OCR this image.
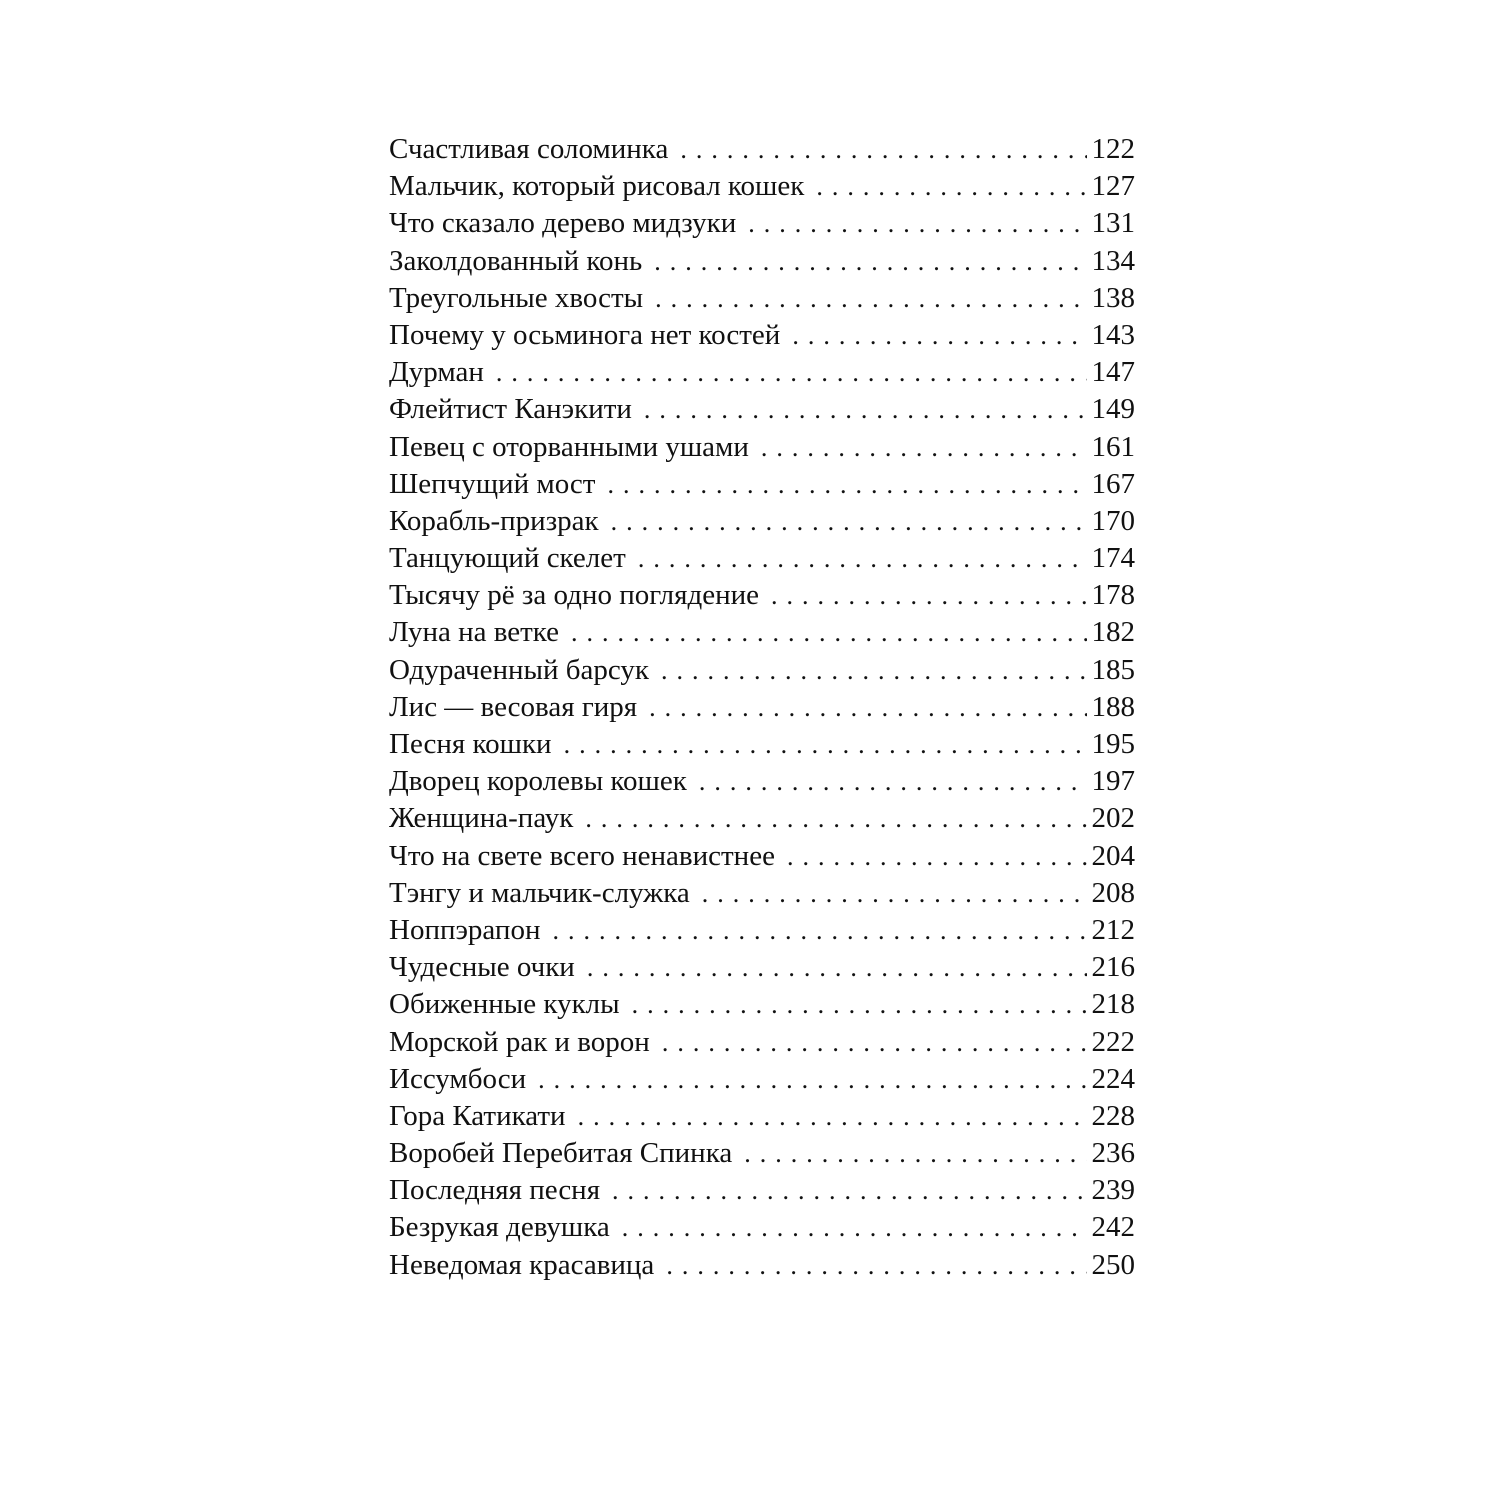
Счастливая соломинка .....	122
Мальчик, который рисовал кошек .....	127
Что сказало дерево мидзуки .....	131
Заколдованный конь .....	134
Треугольные хвосты .....	138
Почему у осьминога нет костей .....	143
Дурман .....	147
Флейтист Канэкити .....	149
Певец с оторванными ушами .....	161
Шепчущий мост .....	167
Корабль-призрак .....	170
Танцующий скелет .....	174
Тысячу рё за одно поглядение .....	178
Луна на ветке .....	182
Одураченный барсук .....	185
Лис — весовая гиря .....	188
Песня кошки .....	195
Дворец королевы кошек .....	197
Женщина-паук .....	202
Что на свете всего ненавистнее .....	204
Тэнгу и мальчик-служка .....	208
Ноппэрапон .....	212
Чудесные очки .....	216
Обиженные куклы .....	218
Морской рак и ворон .....	222
Иссумбоси .....	224
Гора Катикати .....	228
Воробей Перебитая Спинка .....	236
Последняя песня .....	239
Безрукая девушка .....	242
Неведомая красавица .....	250
